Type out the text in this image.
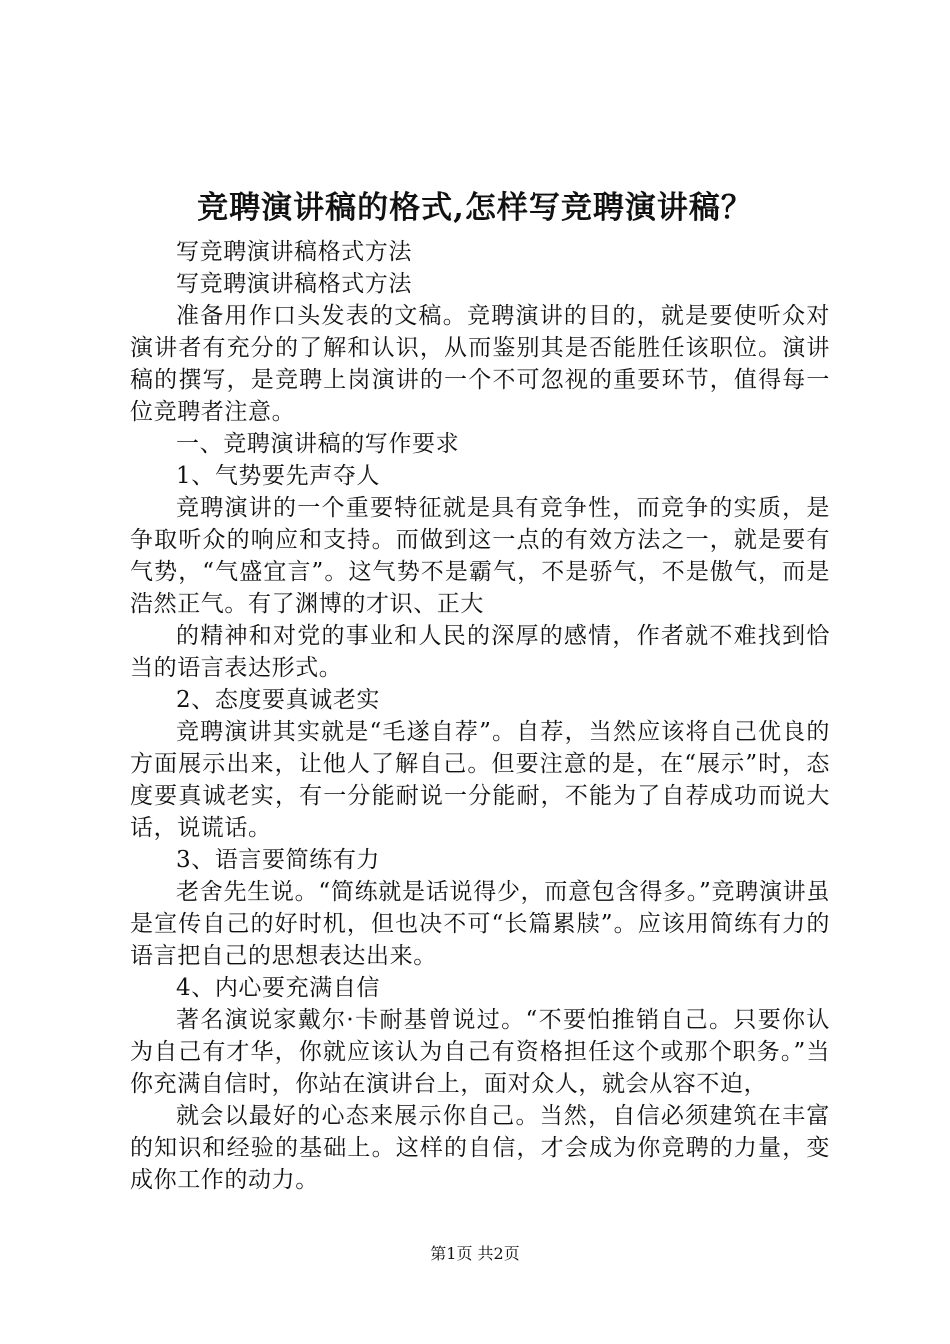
竞聘演讲稿的格式,怎样写竞聘演讲稿？

写竞聘演讲稿格式方法

写竞聘演讲稿格式方法

准备用作口头发表的文稿。竞聘演讲的目的，就是要使听众对演讲者有充分的了解和认识，从而鉴别其是否能胜任该职位。演讲稿的撰写，是竞聘上岗演讲的一个不可忽视的重要环节，值得每一位竞聘者注意。

一、竞聘演讲稿的写作要求

1、气势要先声夺人

竞聘演讲的一个重要特征就是具有竞争性，而竞争的实质，是争取听众的响应和支持。而做到这一点的有效方法之一，就是要有气势，“气盛宜言”。这气势不是霸气，不是骄气，不是傲气，而是浩然正气。有了渊博的才识、正大

的精神和对党的事业和人民的深厚的感情，作者就不难找到恰当的语言表达形式。

2、态度要真诚老实

竞聘演讲其实就是“毛遂自荐”。自荐，当然应该将自己优良的方面展示出来，让他人了解自己。但要注意的是，在“展示”时，态度要真诚老实，有一分能耐说一分能耐，不能为了自荐成功而说大话，说谎话。

3、语言要简练有力

老舍先生说。“简练就是话说得少，而意包含得多。”竞聘演讲虽是宣传自己的好时机，但也决不可“长篇累牍”。应该用简练有力的语言把自己的思想表达出来。

4、内心要充满自信

著名演说家戴尔·卡耐基曾说过。“不要怕推销自己。只要你认为自己有才华，你就应该认为自己有资格担任这个或那个职务。”当你充满自信时，你站在演讲台上，面对众人，就会从容不迫，

就会以最好的心态来展示你自己。当然，自信必须建筑在丰富的知识和经验的基础上。这样的自信，才会成为你竞聘的力量，变成你工作的动力。

第1页 共2页
